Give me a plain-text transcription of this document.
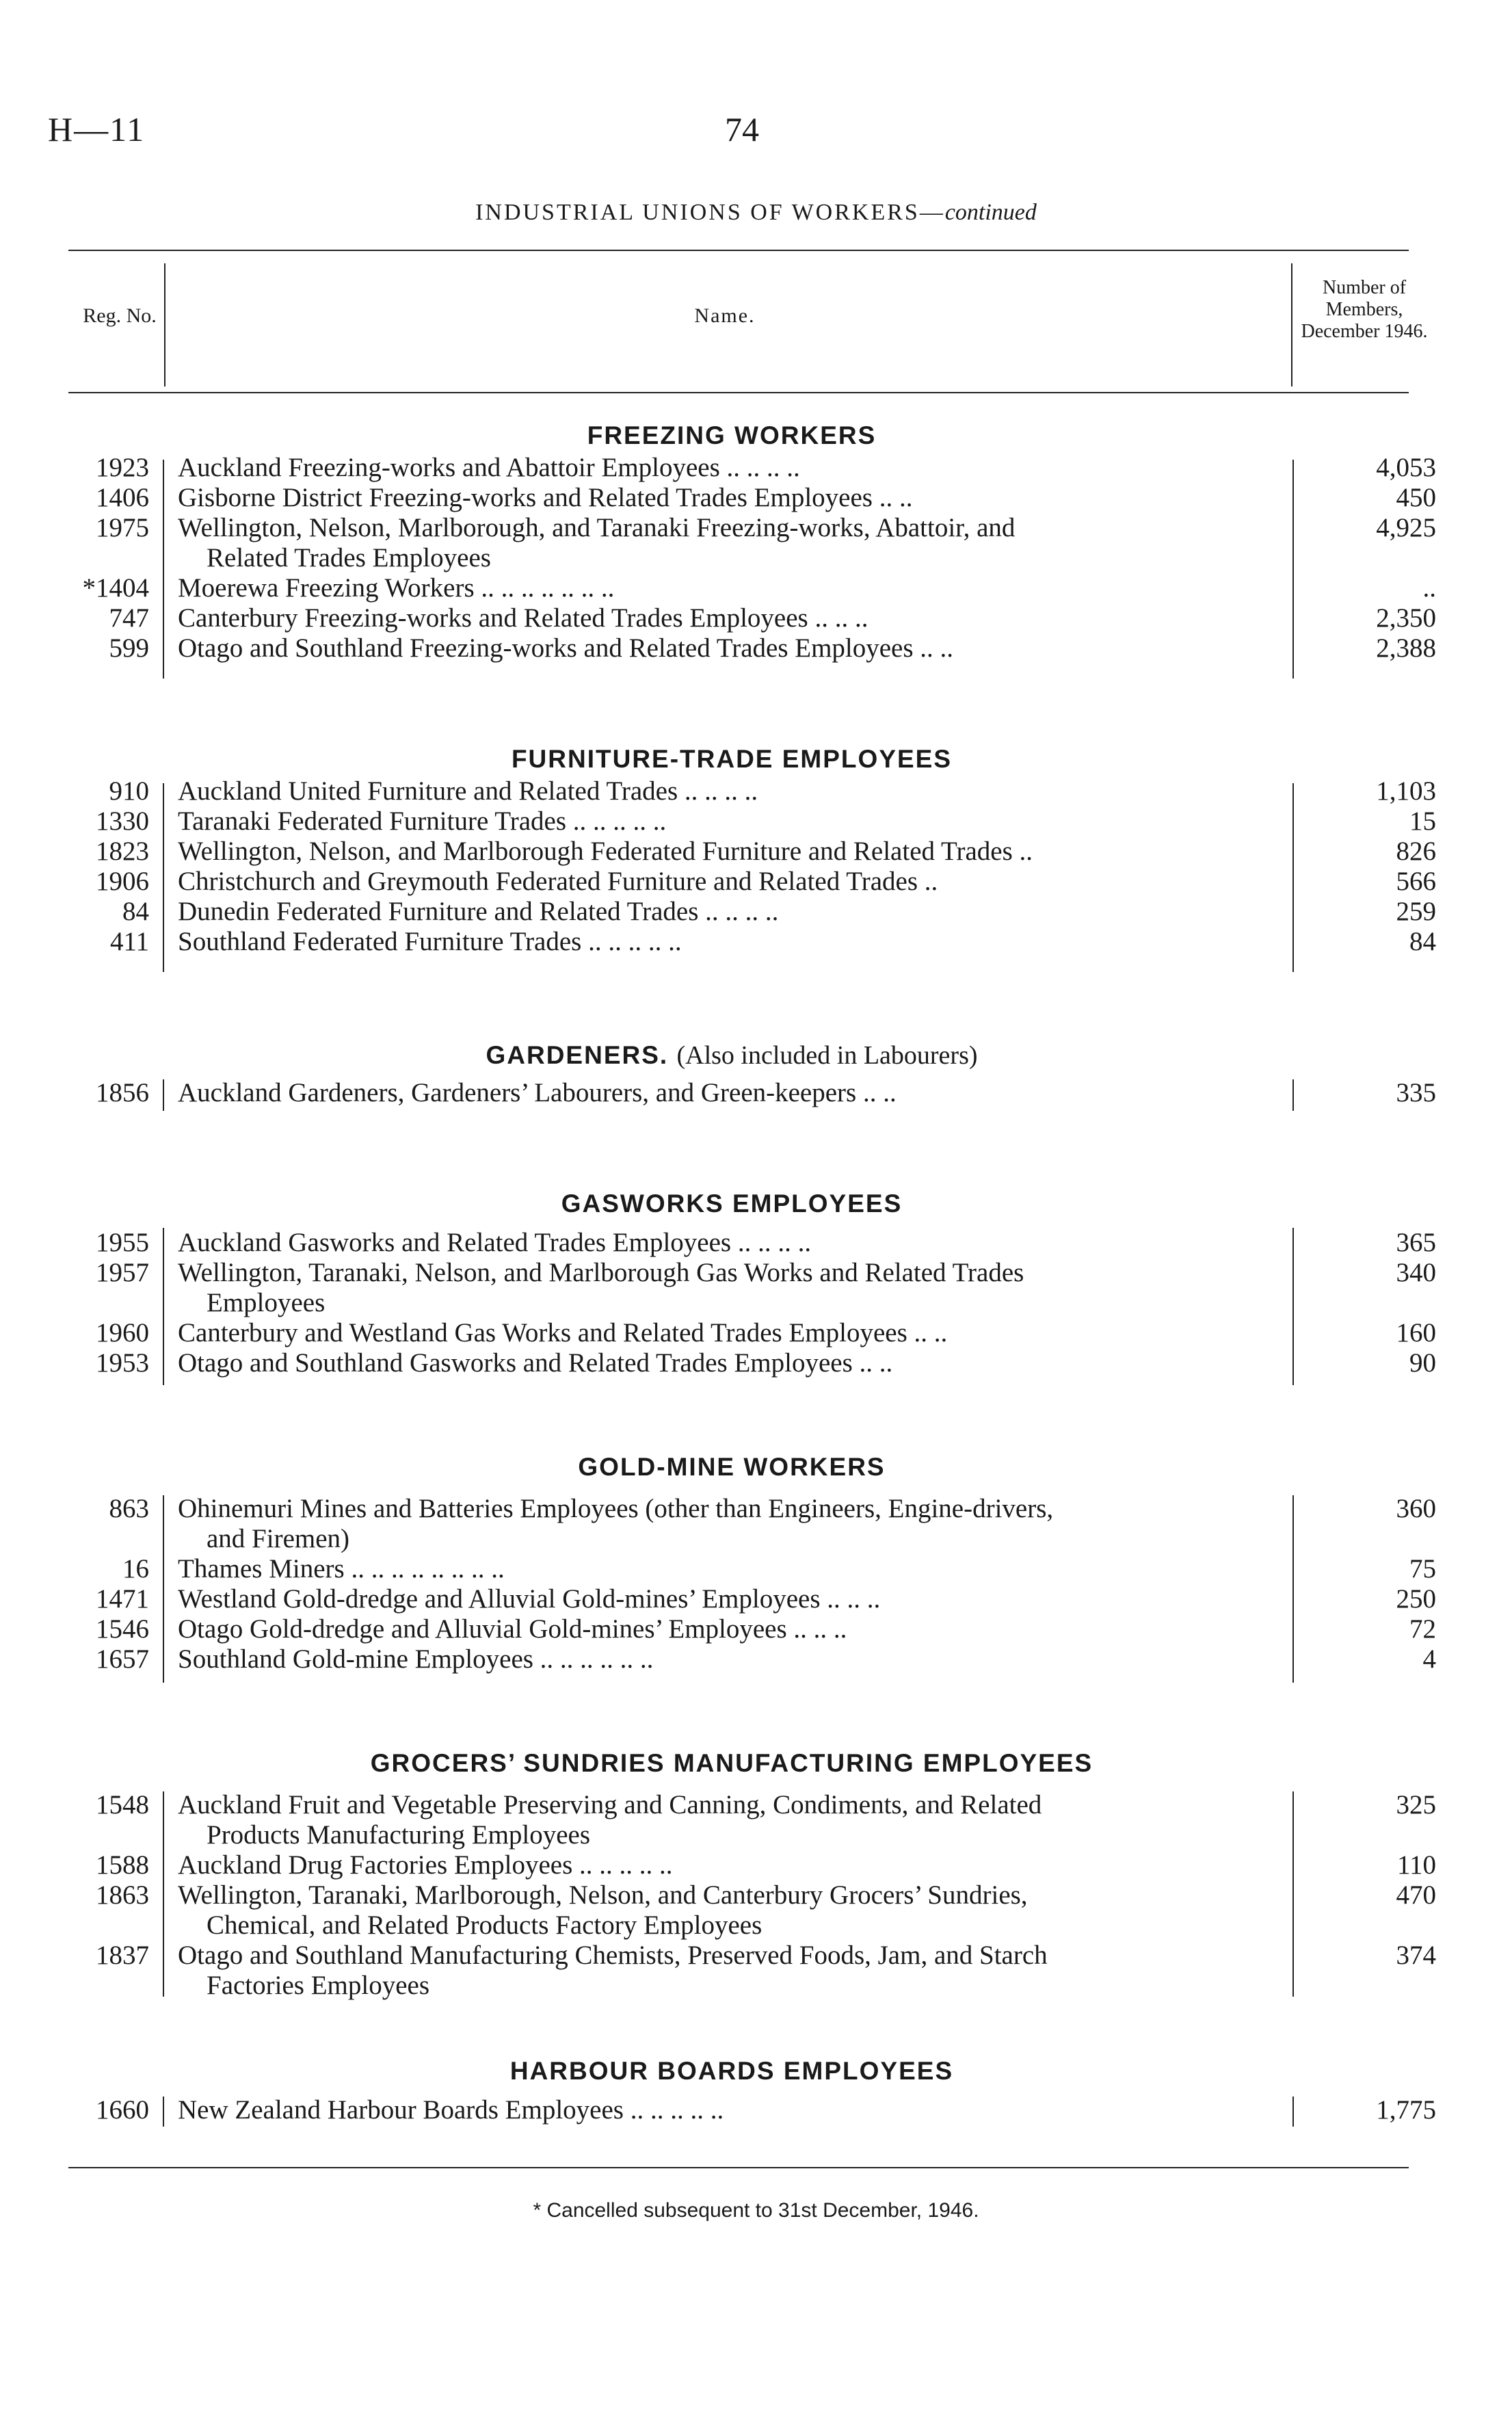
H—11	74
INDUSTRIAL UNIONS OF WORKERS—continued
Reg. No.	Name.
Number of Members, December 1946.
FREEZING WORKERS
1923 Auckland Freezing-works and Abattoir Employees .. .. .. ..	4,053
1406 Gisborne District Freezing-works and Related Trades Employees .. ..	450
1975 Wellington, Nelson, Marlborough, and Taranaki Freezing-works, Abattoir, and
Related Trades Employees
4,925
*1404 Moerewa Freezing Workers .. .. .. .. .. .. ..	..
747 Canterbury Freezing-works and Related Trades Employees .. .. ..	2,350
599 Otago and Southland Freezing-works and Related Trades Employees .. ..	2,388
FURNITURE-TRADE EMPLOYEES
910 Auckland United Furniture and Related Trades .. .. .. ..	1,103
1330 Taranaki Federated Furniture Trades .. .. .. .. ..	15
1823 Wellington, Nelson, and Marlborough Federated Furniture and Related Trades ..	826
1906 Christchurch and Greymouth Federated Furniture and Related Trades ..	566
84 Dunedin Federated Furniture and Related Trades .. .. .. ..	259
411 Southland Federated Furniture Trades .. .. .. .. ..	84
GARDENERS. (Also included in Labourers)
1856 Auckland Gardeners, Gardeners’ Labourers, and Green-keepers .. ..	335
GASWORKS EMPLOYEES
1955 Auckland Gasworks and Related Trades Employees .. .. .. ..	365
1957 Wellington, Taranaki, Nelson, and Marlborough Gas Works and Related Trades
Employees
340
1960 Canterbury and Westland Gas Works and Related Trades Employees .. ..	160
1953 Otago and Southland Gasworks and Related Trades Employees .. ..	90
GOLD-MINE WORKERS
863 Ohinemuri Mines and Batteries Employees (other than Engineers, Engine-drivers,
and Firemen)
360
16 Thames Miners .. .. .. .. .. .. .. ..	75
1471 Westland Gold-dredge and Alluvial Gold-mines’ Employees .. .. ..	250
1546 Otago Gold-dredge and Alluvial Gold-mines’ Employees .. .. ..	72
1657 Southland Gold-mine Employees .. .. .. .. .. ..	4
GROCERS’ SUNDRIES MANUFACTURING EMPLOYEES
1548 Auckland Fruit and Vegetable Preserving and Canning, Condiments, and Related
Products Manufacturing Employees
325
1588 Auckland Drug Factories Employees .. .. .. .. ..	110
1863 Wellington, Taranaki, Marlborough, Nelson, and Canterbury Grocers’ Sundries,
Chemical, and Related Products Factory Employees
470
1837 Otago and Southland Manufacturing Chemists, Preserved Foods, Jam, and Starch
Factories Employees
374
HARBOUR BOARDS EMPLOYEES
1660 New Zealand Harbour Boards Employees .. .. .. .. ..	1,775
* Cancelled subsequent to 31st December, 1946.
